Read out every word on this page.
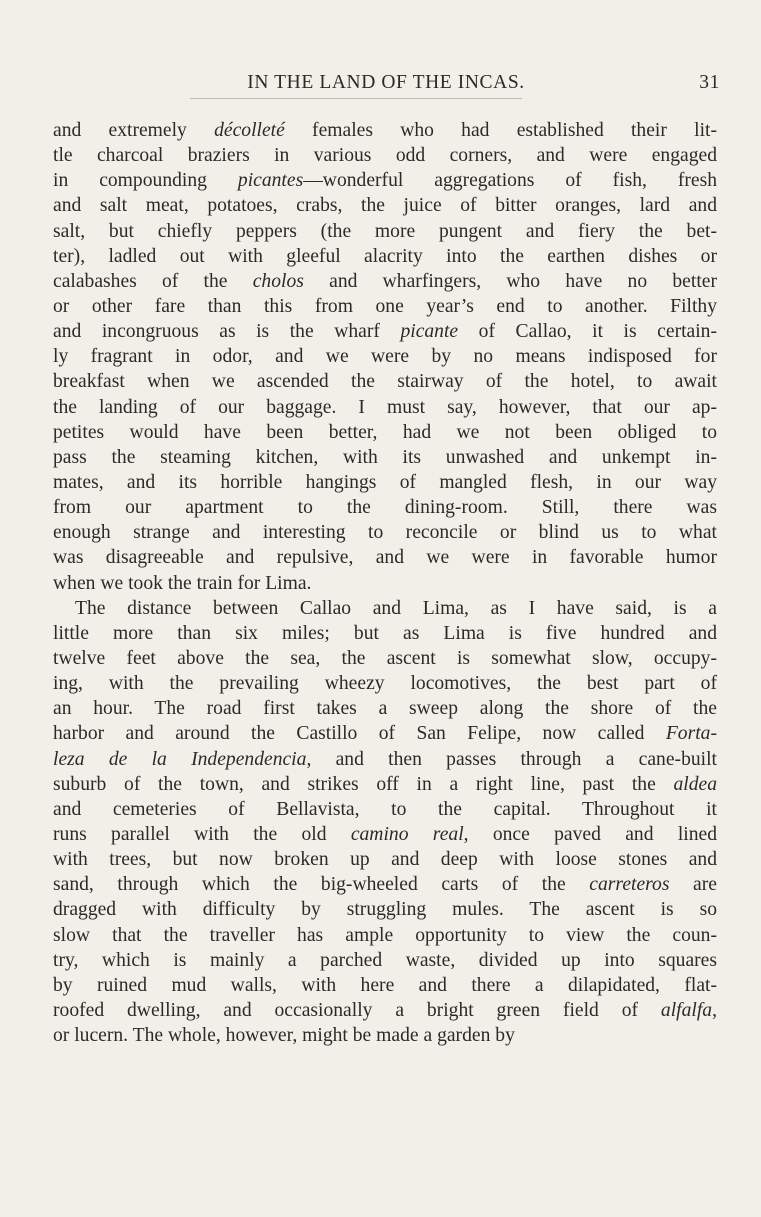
IN THE LAND OF THE INCAS.	31
and extremely décolleté females who had established their lit-
tle charcoal braziers in various odd corners, and were engaged
in compounding picantes—wonderful aggregations of fish, fresh
and salt meat, potatoes, crabs, the juice of bitter oranges, lard and
salt, but chiefly peppers (the more pungent and fiery the bet-
ter), ladled out with gleeful alacrity into the earthen dishes or
calabashes of the cholos and wharfingers, who have no better
or other fare than this from one year’s end to another. Filthy
and incongruous as is the wharf picante of Callao, it is certain-
ly fragrant in odor, and we were by no means indisposed for
breakfast when we ascended the stairway of the hotel, to await
the landing of our baggage. I must say, however, that our ap-
petites would have been better, had we not been obliged to
pass the steaming kitchen, with its unwashed and unkempt in-
mates, and its horrible hangings of mangled flesh, in our way
from our apartment to the dining-room. Still, there was
enough strange and interesting to reconcile or blind us to what
was disagreeable and repulsive, and we were in favorable humor
when we took the train for Lima.
The distance between Callao and Lima, as I have said, is a
little more than six miles; but as Lima is five hundred and
twelve feet above the sea, the ascent is somewhat slow, occupy-
ing, with the prevailing wheezy locomotives, the best part of
an hour. The road first takes a sweep along the shore of the
harbor and around the Castillo of San Felipe, now called Forta-
leza de la Independencia, and then passes through a cane-built
suburb of the town, and strikes off in a right line, past the aldea
and cemeteries of Bellavista, to the capital. Throughout it
runs parallel with the old camino real, once paved and lined
with trees, but now broken up and deep with loose stones and
sand, through which the big-wheeled carts of the carreteros are
dragged with difficulty by struggling mules. The ascent is so
slow that the traveller has ample opportunity to view the coun-
try, which is mainly a parched waste, divided up into squares
by ruined mud walls, with here and there a dilapidated, flat-
roofed dwelling, and occasionally a bright green field of alfalfa,
or lucern. The whole, however, might be made a garden by
